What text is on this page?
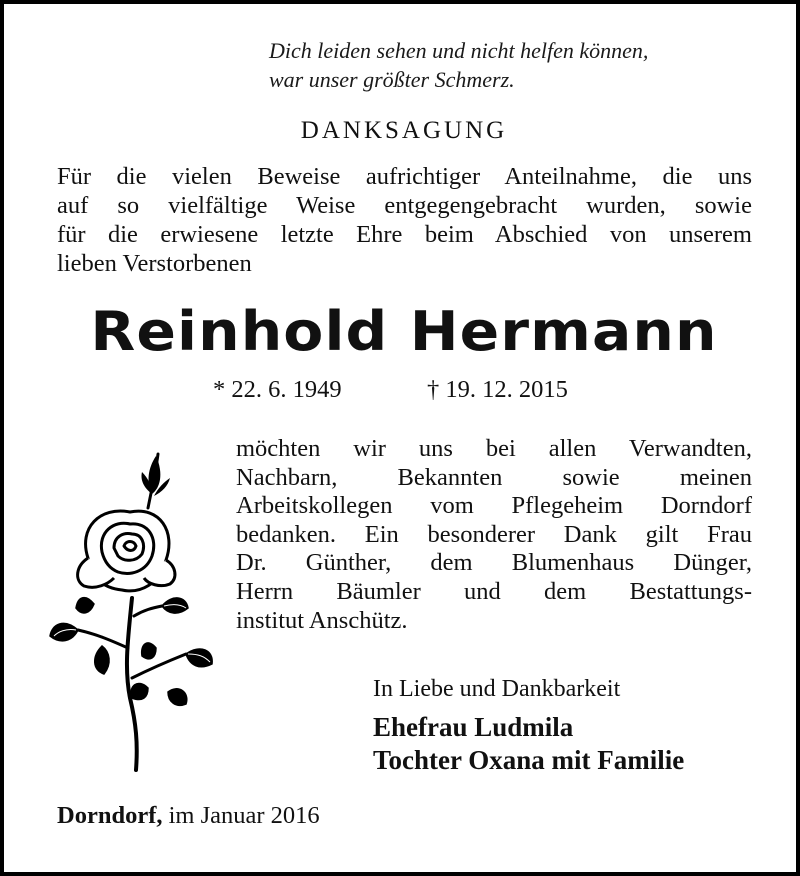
Dich leiden sehen und nicht helfen können,
war unser größter Schmerz.
DANKSAGUNG
Für die vielen Beweise aufrichtiger Anteilnahme, die uns
auf so vielfältige Weise entgegengebracht wurden, sowie
für die erwiesene letzte Ehre beim Abschied von unserem
lieben Verstorbenen
Reinhold Hermann
* 22. 6. 1949	† 19. 12. 2015
möchten wir uns bei allen Verwandten,
Nachbarn, Bekannten sowie meinen
Arbeitskollegen vom Pflegeheim Dorndorf
bedanken. Ein besonderer Dank gilt Frau
Dr. Günther, dem Blumenhaus Dünger,
Herrn Bäumler und dem Bestattungs-
institut Anschütz.
In Liebe und Dankbarkeit
Ehefrau Ludmila
Tochter Oxana mit Familie
Dorndorf, im Januar 2016
